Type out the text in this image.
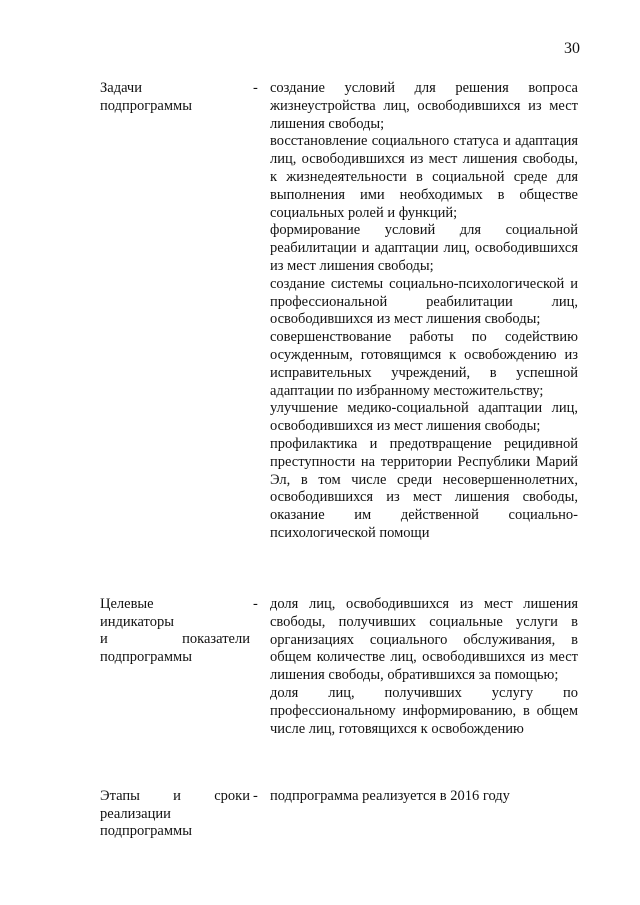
30
Задачи
подпрограммы
- создание условий для решения вопроса жизнеустройства лиц, освободившихся из мест лишения свободы;

восстановление социального статуса и адаптация лиц, освободившихся из мест лишения свободы, к жизнедеятельности в социальной среде для выполнения ими необходимых в обществе социальных ролей и функций;

формирование условий для социальной реабилитации и адаптации лиц, освободившихся из мест лишения свободы;

создание системы социально-психологической и профессиональной реабилитации лиц, освободившихся из мест лишения свободы;

совершенствование работы по содействию осужденным, готовящимся к освобождению из исправительных учреждений, в успешной адаптации по избранному местожительству;

улучшение медико-социальной адаптации лиц, освободившихся из мест лишения свободы;

профилактика и предотвращение рецидивной преступности на территории Республики Марий Эл, в том числе среди несовершеннолетних, освободившихся из мест лишения свободы, оказание им действенной социально-психологической помощи

Целевые
индикаторы
и показатели
подпрограммы
- доля лиц, освободившихся из мест лишения свободы, получивших социальные услуги в организациях социального обслуживания, в общем количестве лиц, освободившихся из мест лишения свободы, обратившихся за помощью;

доля лиц, получивших услугу по профессиональному информированию, в общем числе лиц, готовящихся к освобождению

Этапы и сроки
реализации
подпрограммы
- подпрограмма реализуется в 2016 году
